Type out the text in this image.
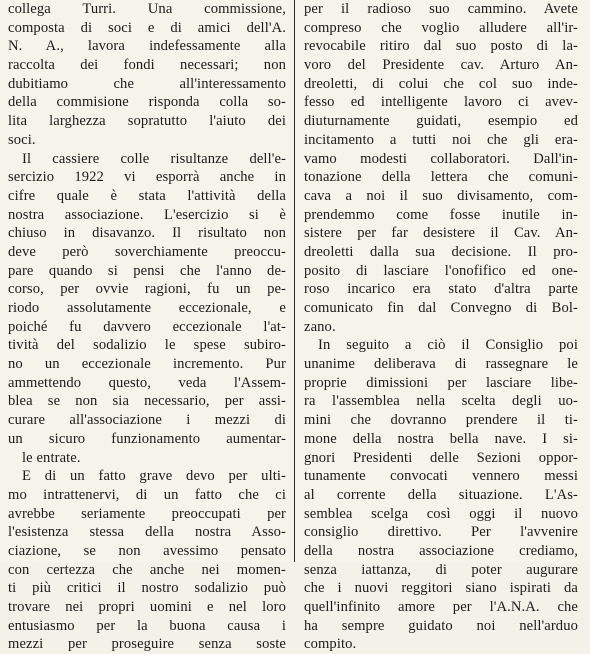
collega Turri. Una commissione,
composta di soci e di amici dell'A.
N. A., lavora indefessamente alla
raccolta dei fondi necessari; non
dubitiamo che all'interessamento
della commisione risponda colla so-
lita larghezza sopratutto l'aiuto dei
soci.
Il cassiere colle risultanze dell'e-
sercizio 1922 vi esporrà anche in
cifre quale è stata l'attività della
nostra associazione. L'esercizio si è
chiuso in disavanzo. Il risultato non
deve però soverchiamente preoccu-
pare quando si pensi che l'anno de-
corso, per ovvie ragioni, fu un pe-
riodo assolutamente eccezionale, e
poiché fu davvero eccezionale l'at-
tività del sodalizio le spese subiro-
no un eccezionale incremento. Pur
ammettendo questo, veda l'Assem-
blea se non sia necessario, per assi-
curare all'associazione i mezzi di
un sicuro funzionamento aumentar-
le entrate.
E di un fatto grave devo per ulti-
mo intrattenervi, di un fatto che ci
avrebbe seriamente preoccupati per
l'esistenza stessa della nostra Asso-
ciazione, se non avessimo pensato
con certezza che anche nei momen-
ti più critici il nostro sodalizio può
trovare nei propri uomini e nel loro
entusiasmo per la buona causa i
mezzi per proseguire senza soste
per il radioso suo cammino. Avete
compreso che voglio alludere all'ir-
revocabile ritiro dal suo posto di la-
voro del Presidente cav. Arturo An-
dreoletti, di colui che col suo inde-
fesso ed intelligente lavoro ci avev-
diuturnamente guidati, esempio ed
incitamento a tutti noi che gli era-
vamo modesti collaboratori. Dall'in-
tonazione della lettera che comuni-
cava a noi il suo divisamento, com-
prendemmo come fosse inutile in-
sistere per far desistere il Cav. An-
dreoletti dalla sua decisione. Il pro-
posito di lasciare l'onofifico ed one-
roso incarico era stato d'altra parte
comunicato fin dal Convegno di Bol-
zano.
In seguito a ciò il Consiglio poi
unanime deliberava di rassegnare le
proprie dimissioni per lasciare libe-
ra l'assemblea nella scelta degli uo-
mini che dovranno prendere il ti-
mone della nostra bella nave. I si-
gnori Presidenti delle Sezioni oppor-
tunamente convocati vennero messi
al corrente della situazione. L'As-
semblea scelga così oggi il nuovo
consiglio direttivo. Per l'avvenire
della nostra associazione crediamo,
senza iattanza, di poter augurare
che i nuovi reggitori siano ispirati da
quell'infinito amore per l'A.N.A. che
ha sempre guidato noi nell'arduo
compito.
